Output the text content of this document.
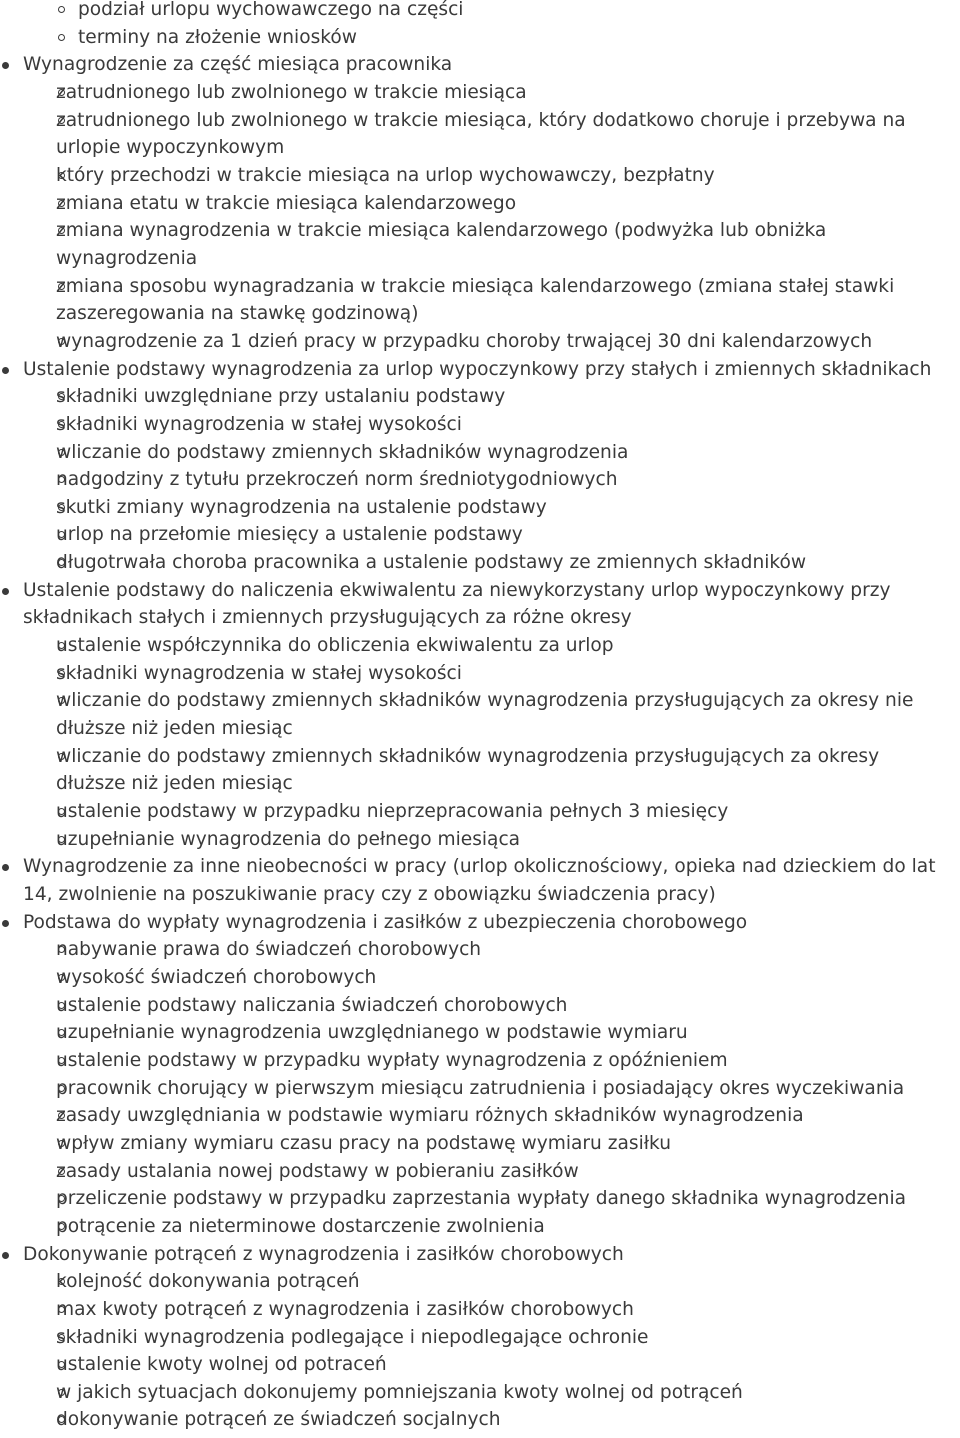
podział urlopu wychowawczego na części
terminy na złożenie wniosków
Wynagrodzenie za część miesiąca pracownika
zatrudnionego lub zwolnionego w trakcie miesiąca
zatrudnionego lub zwolnionego w trakcie miesiąca, który dodatkowo choruje i przebywa na urlopie wypoczynkowym
który przechodzi w trakcie miesiąca na urlop wychowawczy, bezpłatny
zmiana etatu w trakcie miesiąca kalendarzowego
zmiana wynagrodzenia w trakcie miesiąca kalendarzowego (podwyżka lub obniżka wynagrodzenia
zmiana sposobu wynagradzania w trakcie miesiąca kalendarzowego (zmiana stałej stawki zaszeregowania na stawkę godzinową)
wynagrodzenie za 1 dzień pracy w przypadku choroby trwającej 30 dni kalendarzowych
Ustalenie podstawy wynagrodzenia za urlop wypoczynkowy przy stałych i zmiennych składnikach
składniki uwzględniane przy ustalaniu podstawy
składniki wynagrodzenia w stałej wysokości
wliczanie do podstawy zmiennych składników wynagrodzenia
nadgodziny z tytułu przekroczeń norm średniotygodniowych
skutki zmiany wynagrodzenia na ustalenie podstawy
urlop na przełomie miesięcy a ustalenie podstawy
długotrwała choroba pracownika a ustalenie podstawy ze zmiennych składników
Ustalenie podstawy do naliczenia ekwiwalentu za niewykorzystany urlop wypoczynkowy przy składnikach stałych i zmiennych przysługujących za różne okresy
ustalenie współczynnika do obliczenia ekwiwalentu za urlop
składniki wynagrodzenia w stałej wysokości
wliczanie do podstawy zmiennych składników wynagrodzenia przysługujących za okresy nie dłuższe niż jeden miesiąc
wliczanie do podstawy zmiennych składników wynagrodzenia przysługujących za okresy dłuższe niż jeden miesiąc
ustalenie podstawy w przypadku nieprzepracowania pełnych 3 miesięcy
uzupełnianie wynagrodzenia do pełnego miesiąca
Wynagrodzenie za inne nieobecności w pracy (urlop okolicznościowy, opieka nad dzieckiem do lat 14, zwolnienie na poszukiwanie pracy czy z obowiązku świadczenia pracy)
Podstawa do wypłaty wynagrodzenia i zasiłków z ubezpieczenia chorobowego
nabywanie prawa do świadczeń chorobowych
wysokość świadczeń chorobowych
ustalenie podstawy naliczania świadczeń chorobowych
uzupełnianie wynagrodzenia uwzględnianego w podstawie wymiaru
ustalenie podstawy w przypadku wypłaty wynagrodzenia z opóźnieniem
pracownik chorujący w pierwszym miesiącu zatrudnienia i posiadający okres wyczekiwania
zasady uwzględniania w podstawie wymiaru różnych składników wynagrodzenia
wpływ zmiany wymiaru czasu pracy na podstawę wymiaru zasiłku
zasady ustalania nowej podstawy w pobieraniu zasiłków
przeliczenie podstawy w przypadku zaprzestania wypłaty danego składnika wynagrodzenia
potrącenie za nieterminowe dostarczenie zwolnienia
Dokonywanie potrąceń z wynagrodzenia i zasiłków chorobowych
kolejność dokonywania potrąceń
max kwoty potrąceń z wynagrodzenia i zasiłków chorobowych
składniki wynagrodzenia podlegające i niepodlegające ochronie
ustalenie kwoty wolnej od potraceń
w jakich sytuacjach dokonujemy pomniejszania kwoty wolnej od potrąceń
dokonywanie potrąceń ze świadczeń socjalnych
